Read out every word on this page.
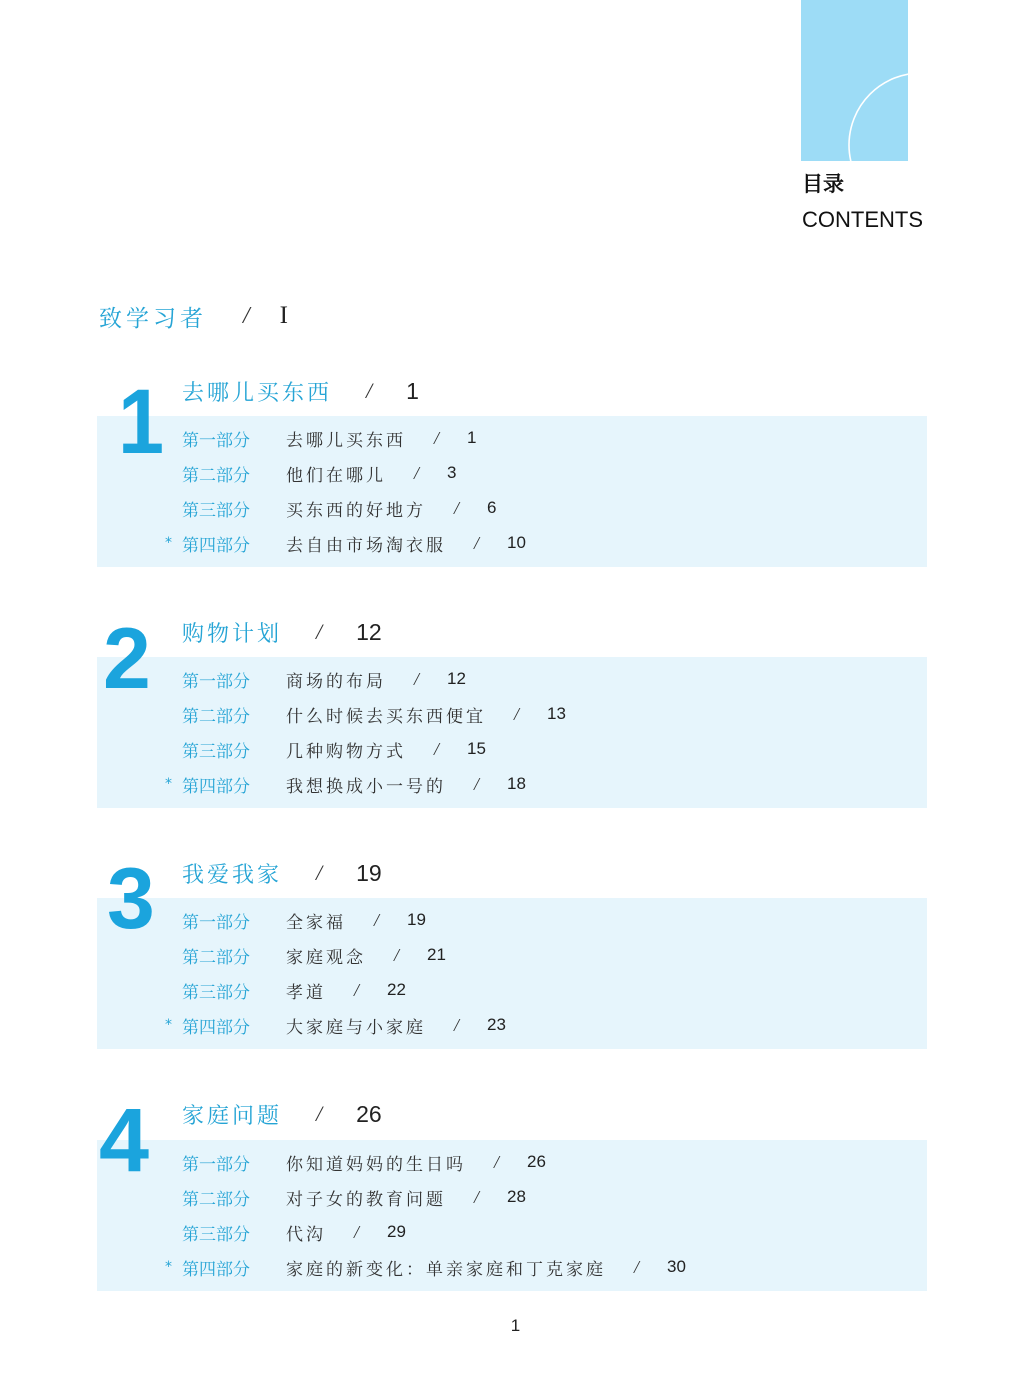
目录
CONTENTS
致学习者 / I
1 去哪儿买东西 / 1
第一部分	去哪儿买东西 / 1
第二部分	他们在哪儿 / 3
第三部分	买东西的好地方 / 6
* 第四部分	去自由市场淘衣服 / 10
2 购物计划 / 12
第一部分	商场的布局 / 12
第二部分	什么时候去买东西便宜 / 13
第三部分	几种购物方式 / 15
* 第四部分	我想换成小一号的 / 18
3 我爱我家 / 19
第一部分	全家福 / 19
第二部分	家庭观念 / 21
第三部分	孝道 / 22
* 第四部分	大家庭与小家庭 / 23
4 家庭问题 / 26
第一部分	你知道妈妈的生日吗 / 26
第二部分	对子女的教育问题 / 28
第三部分	代沟 / 29
* 第四部分	家庭的新变化：单亲家庭和丁克家庭 / 30
1
